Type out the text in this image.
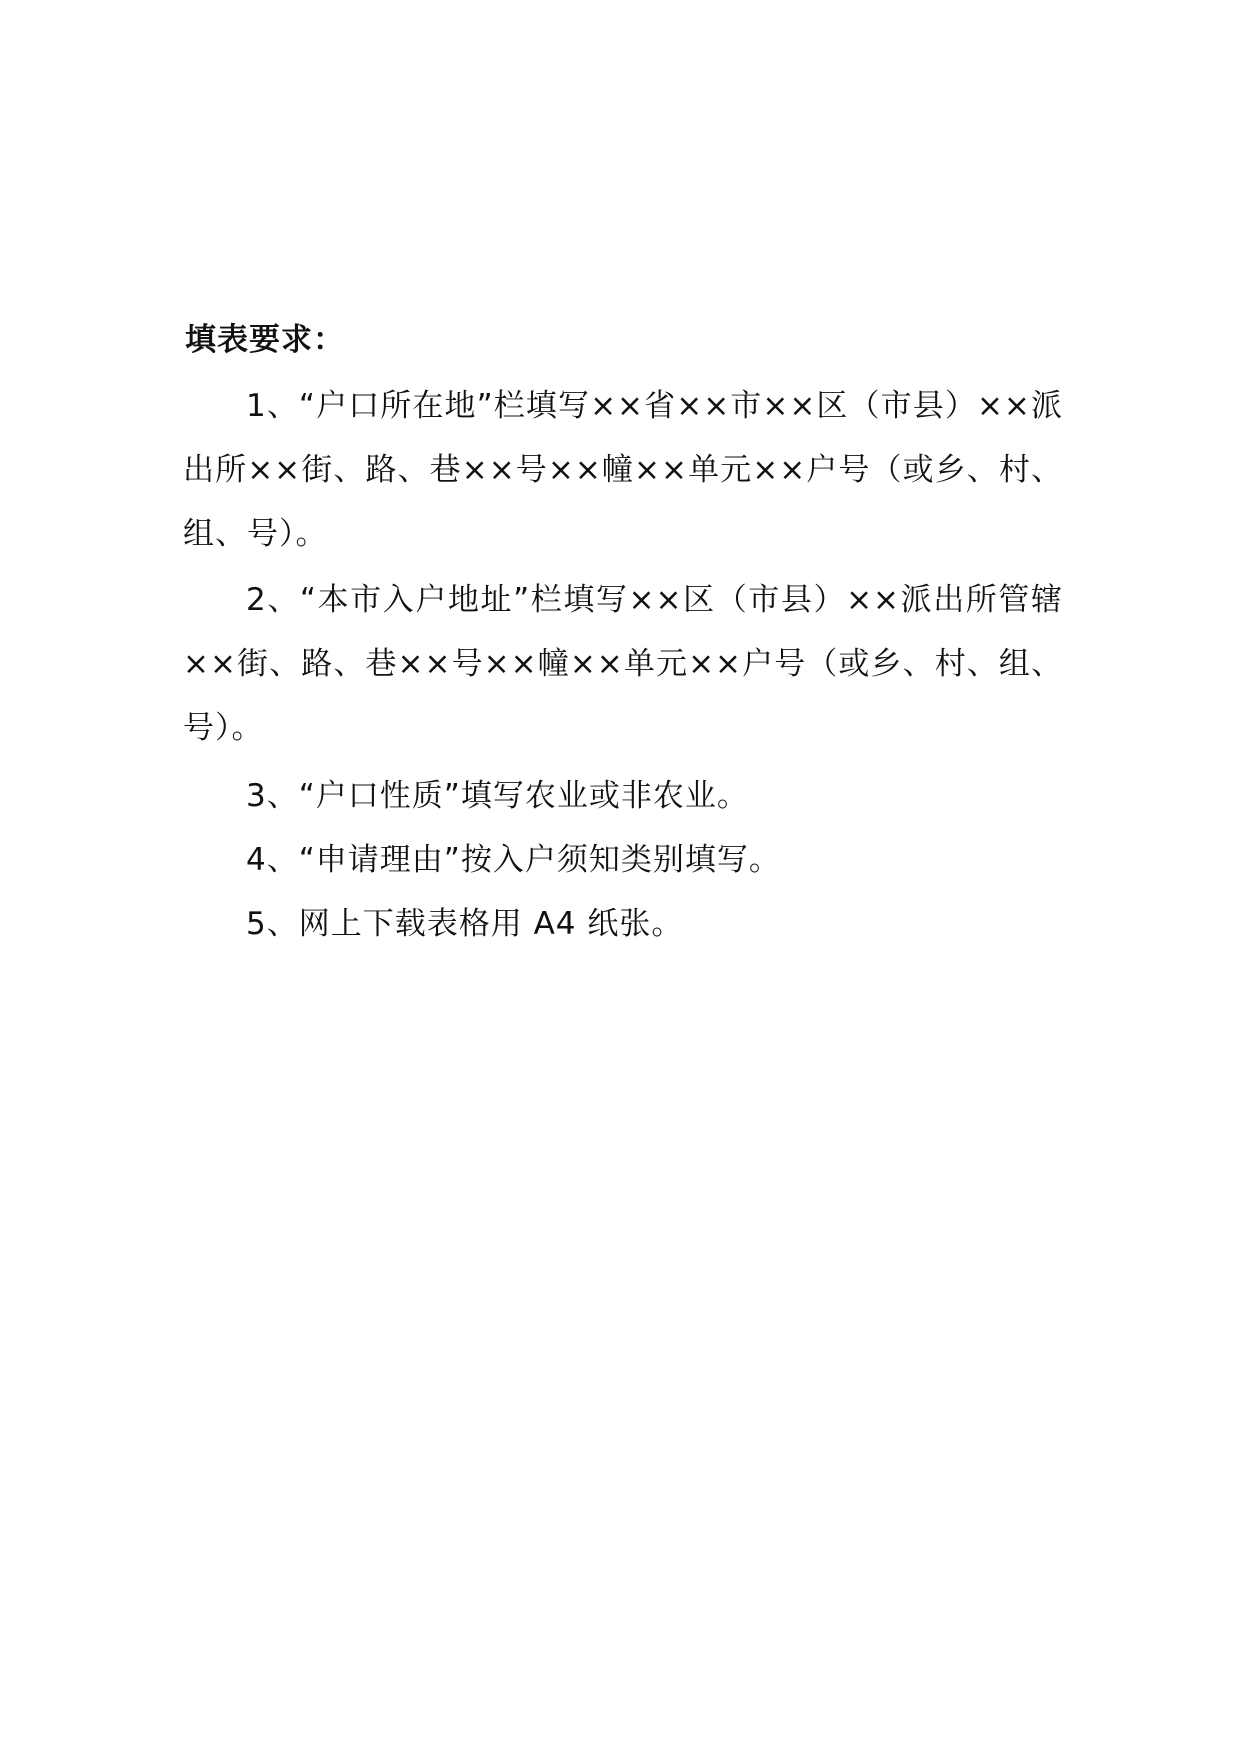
填表要求：

1、“户口所在地”栏填写××省××市××区（市县）××派出所××街、路、巷××号××幢××单元××户号（或乡、村、组、号）。

2、“本市入户地址”栏填写××区（市县）××派出所管辖××街、路、巷××号××幢××单元××户号（或乡、村、组、号）。

3、“户口性质”填写农业或非农业。

4、“申请理由”按入户须知类别填写。

5、网上下载表格用 A4 纸张。
